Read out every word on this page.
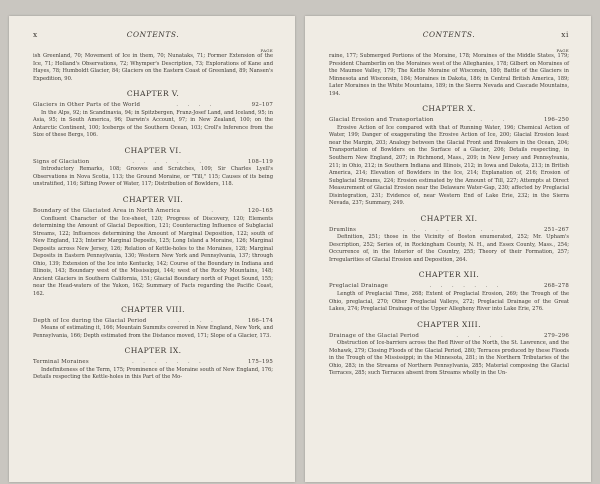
x	CONTENTS.
PAGE

ish Greenland, 70; Movement of Ice in them, 70; Nunataks, 71; Former Extension of the Ice, 71; Holland's Observations, 72; Whymper's Description, 73; Explorations of Kane and Hayes, 78; Humboldt Glacier, 84; Glaciers on the Eastern Coast of Greenland, 89; Nansen's Expedition, 90.

CHAPTER V.
Glaciers in Other Parts of the World	. . . .	92–107

In the Alps, 92; in Scandinavia, 94; in Spitzbergen, Franz-Josef Land, and Iceland, 95; in Asia, 95; in South America, 96; Darwin's Account, 97; in New Zealand, 100; on the Antarctic Continent, 100; Icebergs of the Southern Ocean, 103; Croll's Inference from the Size of these Bergs, 106.

CHAPTER VI.
Signs of Glaciation	. . . . . . .	108–119

Introductory Remarks, 108; Grooves and Scratches, 109; Sir Charles Lyell's Observations in Nova Scotia, 113; the Ground Moraine, or "Till," 115; Causes of its being unstratified, 116; Sifting Power of Water, 117; Distribution of Bowlders, 118.

CHAPTER VII.
Boundary of the Glaciated Area in North America	.	120–165

Confluent Character of the Ice-sheet, 120; Progress of Discovery, 120; Elements determining the Amount of Glacial Deposition, 121; Counteracting Influence of Subglacial Streams, 122; Influences determining the Amount of Marginal Deposition, 122; south of New England, 123; Interior Marginal Deposits, 125; Long Island a Moraine, 126; Marginal Deposits across New Jersey, 126; Relation of Kettle-holes to the Moraines, 128; Marginal Deposits in Eastern Pennsylvania, 130; Western New York and Pennsylvania, 137; through Ohio, 139; Extension of the Ice into Kentucky, 142; Course of the Boundary in Indiana and Illinois, 143; Boundary west of the Mississippi, 144; west of the Rocky Mountains, 148; Ancient Glaciers in Southern California, 151; Glacial Boundary north of Puget Sound, 155; near the Head-waters of the Yukon, 162; Summary of Facts regarding the Pacific Coast, 162.

CHAPTER VIII.
Depth of Ice during the Glacial Period	. . . .	166–174

Means of estimating it, 166; Mountain Summits covered in New England, New York, and Pennsylvania, 166; Depth estimated from the Distance moved, 171; Slope of a Glacier, 173.

CHAPTER IX.
Terminal Moraines	. . . . . . .	175–195

Indefiniteness of the Term, 175; Prominence of the Moraine south of New England, 176; Details respecting the Kettle-holes in this Part of the Mo-

CONTENTS.	xi
PAGE

raine, 177; Submerged Portions of the Moraine, 178; Moraines of the Middle States, 179; President Chamberlin on the Moraines west of the Alleghanies, 178; Gilbert on Moraines of the Maumee Valley, 179; The Kettle Moraine of Wisconsin, 180; Battle of the Glaciers in Minnesota and Wisconsin, 184; Moraines in Dakota, 186; in Central British America, 189; Later Moraines in the White Mountains, 189; in the Sierra Nevada and Cascade Mountains, 194.

CHAPTER X.
Glacial Erosion and Transportation	. . . .	196–250

Erosive Action of Ice compared with that of Running Water, 196; Chemical Action of Water, 199; Danger of exaggerating the Erosive Action of Ice, 200; Glacial Erosion least near the Margin, 203; Analogy between the Glacial Front and Breakers in the Ocean, 204; Transportation of Bowlders on the Surface of a Glacier, 206; Details respecting, in Southern New England, 207; in Richmond, Mass., 209; in New Jersey and Pennsylvania, 211; in Ohio, 212; in Southern Indiana and Illinois, 212; in Iowa and Dakota, 213; in British America, 214; Elevation of Bowlders in the Ice, 214; Explanation of, 216; Erosion of Subglacial Streams, 224; Erosion estimated by the Amount of Till, 227; Attempts at Direct Measurement of Glacial Erosion near the Delaware Water-Gap, 230; affected by Preglacial Disintegration, 231; Evidence of, near Western End of Lake Erie, 232; in the Sierra Nevada, 237; Summary, 249.

CHAPTER XI.
Drumlins	. . . . . . . . .	251–267

Definition, 251; those in the Vicinity of Boston enumerated, 252; Mr. Upham's Description, 252; Series of, in Rockingham County, N. H., and Essex County, Mass., 254; Occurrence of, in the Interior of the Country, 255; Theory of their Formation, 257; Irregularities of Glacial Erosion and Deposition, 264.

CHAPTER XII.
Preglacial Drainage	. . . . . . .	268–278

Length of Preglacial Time, 268; Extent of Preglacial Erosion, 269; the Trough of the Ohio, preglacial, 270; Other Preglacial Valleys, 272; Preglacial Drainage of the Great Lakes, 274; Preglacial Drainage of the Upper Allegheny River into Lake Erie, 276.

CHAPTER XIII.
Drainage of the Glacial Period	. . . . .	279–296

Obstruction of Ice-barriers across the Red River of the North, the St. Lawrence, and the Mohawk, 279; Closing Floods of the Glacial Period, 280; Terraces produced by these Floods in the Trough of the Mississippi; in the Minnesota, 281; in the Northern Tributaries of the Ohio, 283; in the Streams of Northern Pennsylvania, 285; Material composing the Glacial Terraces, 285; such Terraces absent from Streams wholly in the Un-
